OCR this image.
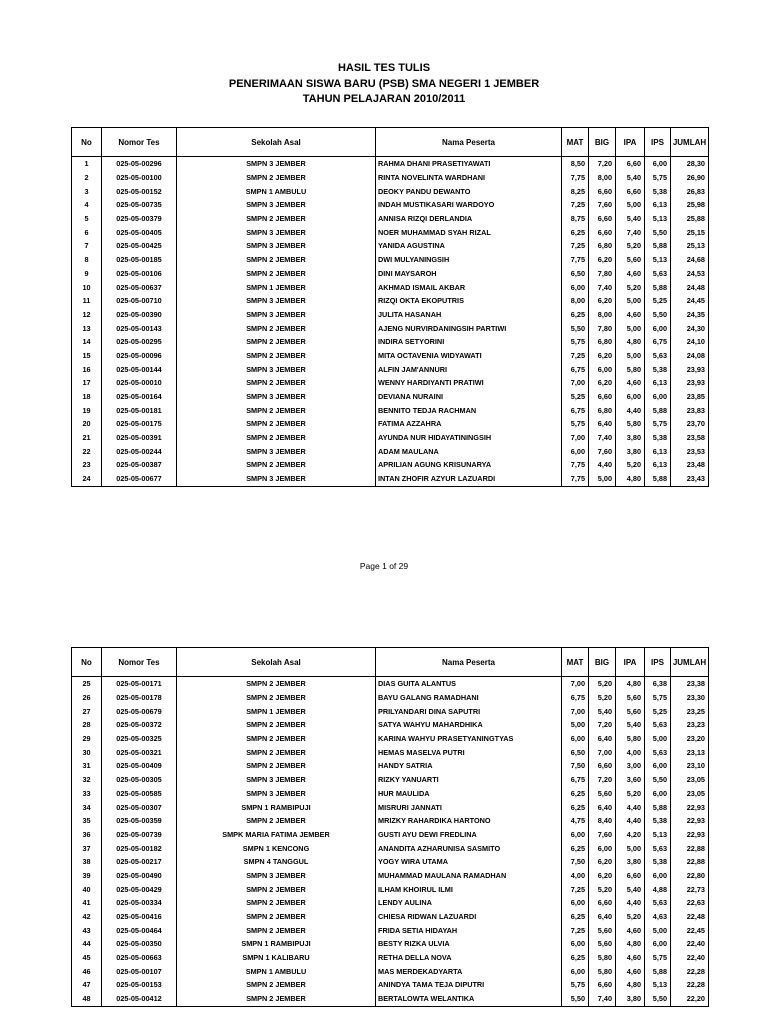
HASIL TES TULIS
PENERIMAAN SISWA BARU (PSB) SMA NEGERI 1 JEMBER
TAHUN PELAJARAN 2010/2011
No	Nomor Tes	Sekolah Asal	Nama Peserta	MAT	BIG	IPA	IPS	JUMLAH
1	025-05-00296	SMPN 3 JEMBER	RAHMA DHANI PRASETIYAWATI	8,50	7,20	6,60	6,00	28,30
2	025-05-00100	SMPN 2 JEMBER	RINTA NOVELINTA WARDHANI	7,75	8,00	5,40	5,75	26,90
3	025-05-00152	SMPN 1 AMBULU	DEOKY PANDU DEWANTO	8,25	6,60	6,60	5,38	26,83
4	025-05-00735	SMPN 3 JEMBER	INDAH MUSTIKASARI WARDOYO	7,25	7,60	5,00	6,13	25,98
5	025-05-00379	SMPN 2 JEMBER	ANNISA RIZQI DERLANDIA	8,75	6,60	5,40	5,13	25,88
6	025-05-00405	SMPN 3 JEMBER	NOER MUHAMMAD SYAH RIZAL	6,25	6,60	7,40	5,50	25,15
7	025-05-00425	SMPN 3 JEMBER	YANIDA AGUSTINA	7,25	6,80	5,20	5,88	25,13
8	025-05-00185	SMPN 2 JEMBER	DWI MULYANINGSIH	7,75	6,20	5,60	5,13	24,68
9	025-05-00106	SMPN 2 JEMBER	DINI MAYSAROH	6,50	7,80	4,60	5,63	24,53
10	025-05-00637	SMPN 1 JEMBER	AKHMAD ISMAIL AKBAR	6,00	7,40	5,20	5,88	24,48
11	025-05-00710	SMPN 3 JEMBER	RIZQI OKTA EKOPUTRIS	8,00	6,20	5,00	5,25	24,45
12	025-05-00390	SMPN 3 JEMBER	JULITA HASANAH	6,25	8,00	4,60	5,50	24,35
13	025-05-00143	SMPN 2 JEMBER	AJENG NURVIRDANINGSIH PARTIWI	5,50	7,80	5,00	6,00	24,30
14	025-05-00295	SMPN 2 JEMBER	INDIRA SETYORINI	5,75	6,80	4,80	6,75	24,10
15	025-05-00096	SMPN 2 JEMBER	MITA OCTAVENIA WIDYAWATI	7,25	6,20	5,00	5,63	24,08
16	025-05-00144	SMPN 3 JEMBER	ALFIN JAM'ANNURI	6,75	6,00	5,80	5,38	23,93
17	025-05-00010	SMPN 2 JEMBER	WENNY HARDIYANTI PRATIWI	7,00	6,20	4,60	6,13	23,93
18	025-05-00164	SMPN 3 JEMBER	DEVIANA NURAINI	5,25	6,60	6,00	6,00	23,85
19	025-05-00181	SMPN 2 JEMBER	BENNITO TEDJA RACHMAN	6,75	6,80	4,40	5,88	23,83
20	025-05-00175	SMPN 2 JEMBER	FATIMA AZZAHRA	5,75	6,40	5,80	5,75	23,70
21	025-05-00391	SMPN 2 JEMBER	AYUNDA NUR HIDAYATININGSIH	7,00	7,40	3,80	5,38	23,58
22	025-05-00244	SMPN 3 JEMBER	ADAM MAULANA	6,00	7,60	3,80	6,13	23,53
23	025-05-00387	SMPN 2 JEMBER	APRILIAN AGUNG KRISUNARYA	7,75	4,40	5,20	6,13	23,48
24	025-05-00677	SMPN 3 JEMBER	INTAN ZHOFIR AZYUR LAZUARDI	7,75	5,00	4,80	5,88	23,43
Page 1 of 29
No	Nomor Tes	Sekolah Asal	Nama Peserta	MAT	BIG	IPA	IPS	JUMLAH
25	025-05-00171	SMPN 2 JEMBER	DIAS GUITA ALANTUS	7,00	5,20	4,80	6,38	23,38
26	025-05-00178	SMPN 2 JEMBER	BAYU GALANG RAMADHANI	6,75	5,20	5,60	5,75	23,30
27	025-05-00679	SMPN 1 JEMBER	PRILYANDARI DINA SAPUTRI	7,00	5,40	5,60	5,25	23,25
28	025-05-00372	SMPN 2 JEMBER	SATYA WAHYU MAHARDHIKA	5,00	7,20	5,40	5,63	23,23
29	025-05-00325	SMPN 2 JEMBER	KARINA WAHYU PRASETYANINGTYAS	6,00	6,40	5,80	5,00	23,20
30	025-05-00321	SMPN 2 JEMBER	HEMAS MASELVA PUTRI	6,50	7,00	4,00	5,63	23,13
31	025-05-00409	SMPN 2 JEMBER	HANDY SATRIA	7,50	6,60	3,00	6,00	23,10
32	025-05-00305	SMPN 3 JEMBER	RIZKY YANUARTI	6,75	7,20	3,60	5,50	23,05
33	025-05-00585	SMPN 3 JEMBER	HUR MAULIDA	6,25	5,60	5,20	6,00	23,05
34	025-05-00307	SMPN 1 RAMBIPUJI	MISRURI JANNATI	6,25	6,40	4,40	5,88	22,93
35	025-05-00359	SMPN 2 JEMBER	MRIZKY RAHARDIKA HARTONO	4,75	8,40	4,40	5,38	22,93
36	025-05-00739	SMPK MARIA FATIMA JEMBER	GUSTI AYU DEWI FREDLINA	6,00	7,60	4,20	5,13	22,93
37	025-05-00182	SMPN 1 KENCONG	ANANDITA AZHARUNISA SASMITO	6,25	6,00	5,00	5,63	22,88
38	025-05-00217	SMPN 4 TANGGUL	YOGY WIRA UTAMA	7,50	6,20	3,80	5,38	22,88
39	025-05-00490	SMPN 3 JEMBER	MUHAMMAD MAULANA RAMADHAN	4,00	6,20	6,60	6,00	22,80
40	025-05-00429	SMPN 2 JEMBER	ILHAM KHOIRUL ILMI	7,25	5,20	5,40	4,88	22,73
41	025-05-00334	SMPN 2 JEMBER	LENDY AULINA	6,00	6,60	4,40	5,63	22,63
42	025-05-00416	SMPN 2 JEMBER	CHIESA RIDWAN LAZUARDI	6,25	6,40	5,20	4,63	22,48
43	025-05-00464	SMPN 2 JEMBER	FRIDA SETIA HIDAYAH	7,25	5,60	4,60	5,00	22,45
44	025-05-00350	SMPN 1 RAMBIPUJI	BESTY RIZKA ULVIA	6,00	5,60	4,80	6,00	22,40
45	025-05-00663	SMPN 1 KALIBARU	RETHA DELLA NOVA	6,25	5,80	4,60	5,75	22,40
46	025-05-00107	SMPN 1 AMBULU	MAS MERDEKADYARTA	6,00	5,80	4,60	5,88	22,28
47	025-05-00153	SMPN 2 JEMBER	ANINDYA TAMA TEJA DIPUTRI	5,75	6,60	4,80	5,13	22,28
48	025-05-00412	SMPN 2 JEMBER	BERTALOWTA WELANTIKA	5,50	7,40	3,80	5,50	22,20
